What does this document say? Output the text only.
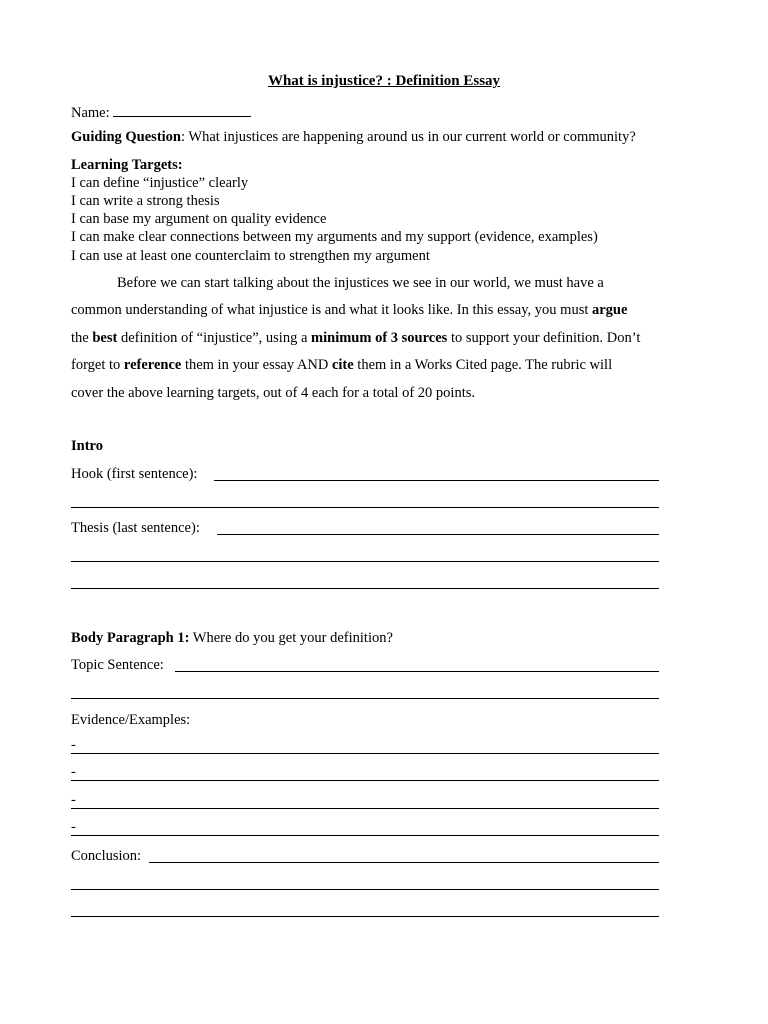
What is injustice? : Definition Essay
Name:
Guiding Question: What injustices are happening around us in our current world or community?
Learning Targets:
I can define “injustice” clearly
I can write a strong thesis
I can base my argument on quality evidence
I can make clear connections between my arguments and my support (evidence, examples)
I can use at least one counterclaim to strengthen my argument
Before we can start talking about the injustices we see in our world, we must have a
common understanding of what injustice is and what it looks like. In this essay, you must argue
the best definition of “injustice”, using a minimum of 3 sources to support your definition. Don’t
forget to reference them in your essay AND cite them in a Works Cited page. The rubric will
cover the above learning targets, out of 4 each for a total of 20 points.
Intro
Hook (first sentence):
Thesis (last sentence):
Body Paragraph 1: Where do you get your definition?
Topic Sentence:
Evidence/Examples:
-
-
-
-
Conclusion:
